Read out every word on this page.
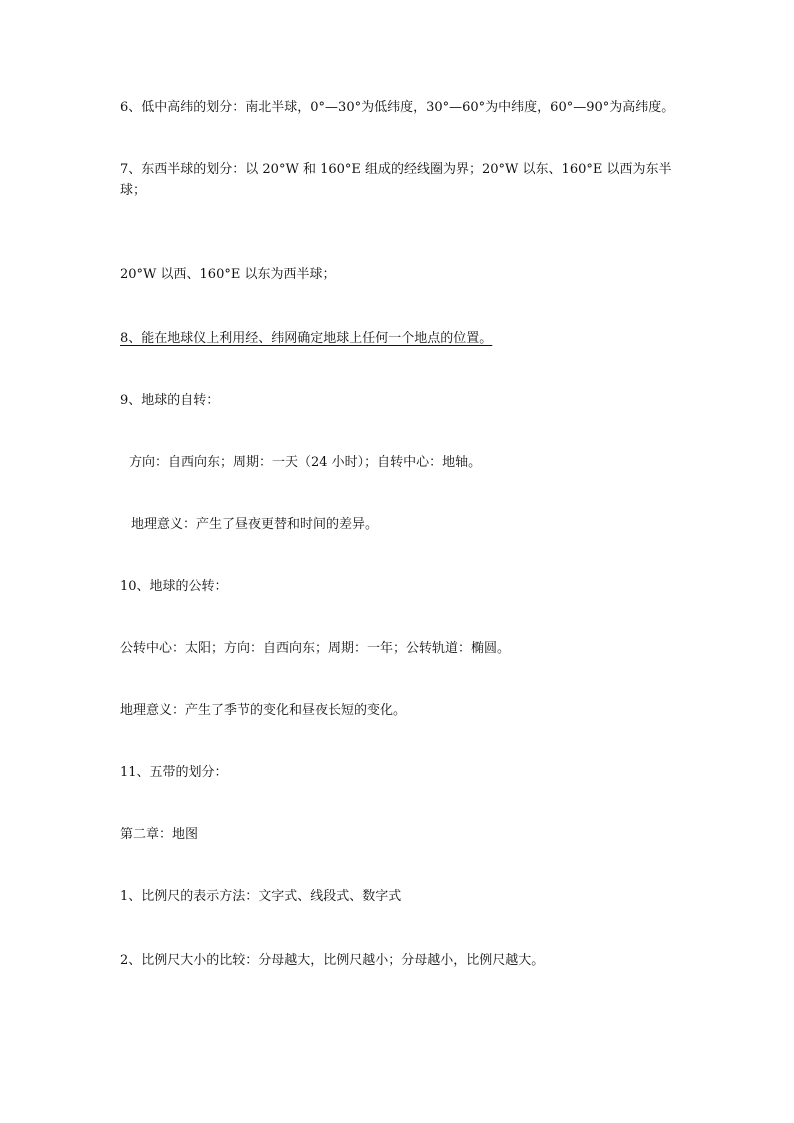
6、低中高纬的划分：南北半球，0°—30°为低纬度，30°—60°为中纬度，60°—90°为高纬度。

7、东西半球的划分：以 20°W 和 160°E 组成的经线圈为界；20°W 以东、160°E 以西为东半球；

20°W 以西、160°E 以东为西半球；

8、能在地球仪上利用经、纬网确定地球上任何一个地点的位置。

9、地球的自转：

方向：自西向东；周期：一天（24 小时）；自转中心：地轴。

地理意义：产生了昼夜更替和时间的差异。

10、地球的公转：

公转中心：太阳；方向：自西向东；周期：一年；公转轨道：椭圆。

地理意义：产生了季节的变化和昼夜长短的变化。

11、五带的划分：

第二章：地图

1、比例尺的表示方法：文字式、线段式、数字式

2、比例尺大小的比较：分母越大，比例尺越小；分母越小，比例尺越大。
